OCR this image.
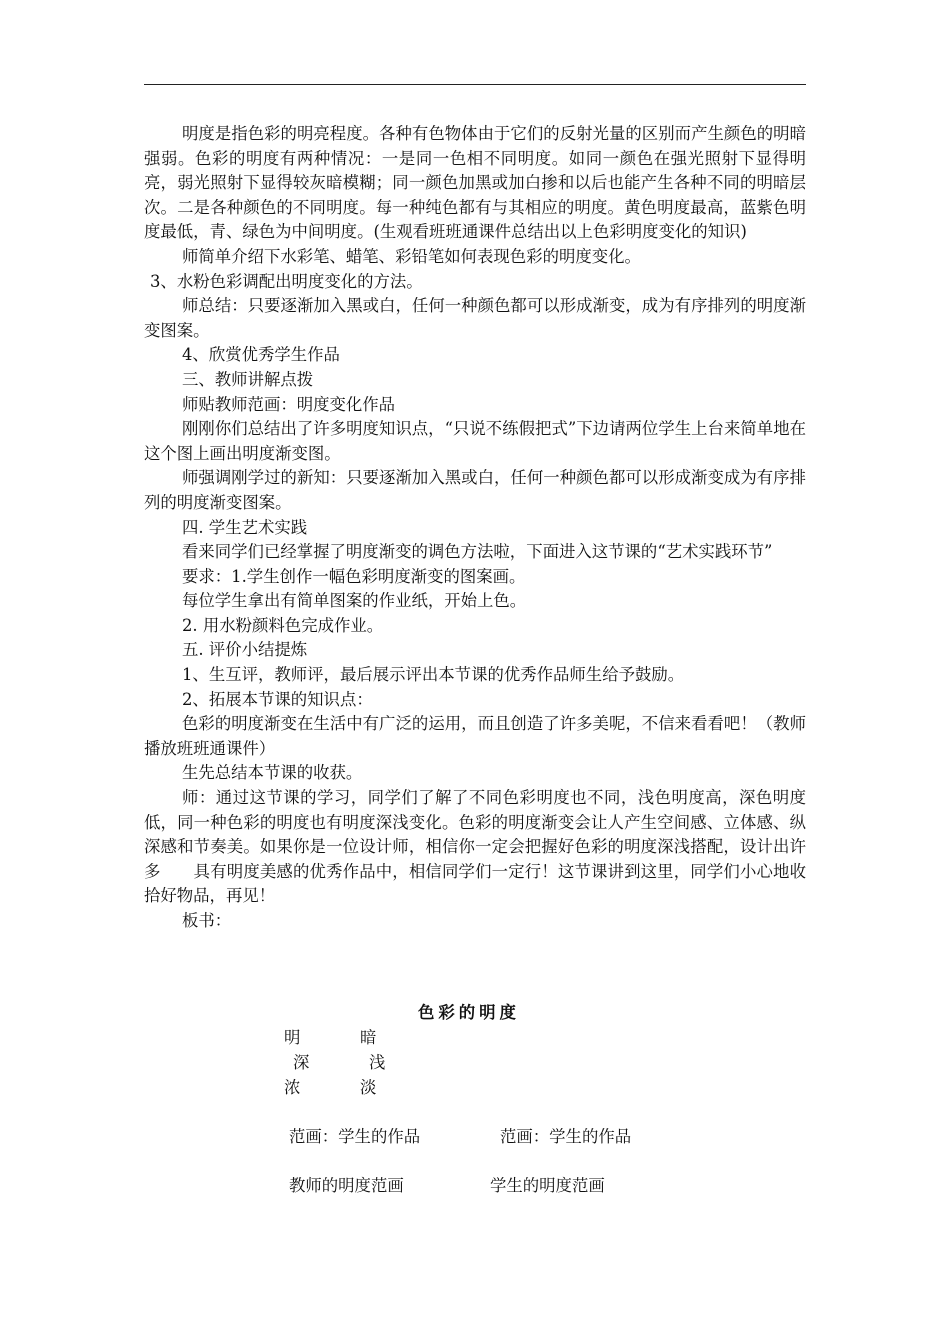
明度是指色彩的明亮程度。各种有色物体由于它们的反射光量的区别而产生颜色的明暗强弱。色彩的明度有两种情况：一是同一色相不同明度。如同一颜色在强光照射下显得明亮，弱光照射下显得较灰暗模糊；同一颜色加黑或加白掺和以后也能产生各种不同的明暗层次。二是各种颜色的不同明度。每一种纯色都有与其相应的明度。黄色明度最高，蓝紫色明度最低，青、绿色为中间明度。(生观看班班通课件总结出以上色彩明度变化的知识)

师简单介绍下水彩笔、蜡笔、彩铅笔如何表现色彩的明度变化。

3、水粉色彩调配出明度变化的方法。

师总结：只要逐渐加入黑或白，任何一种颜色都可以形成渐变，成为有序排列的明度渐变图案。

4、欣赏优秀学生作品

三、教师讲解点拨

师贴教师范画：明度变化作品

刚刚你们总结出了许多明度知识点，“只说不练假把式”下边请两位学生上台来简单地在这个图上画出明度渐变图。

师强调刚学过的新知：只要逐渐加入黑或白，任何一种颜色都可以形成渐变成为有序排列的明度渐变图案。

四. 学生艺术实践

看来同学们已经掌握了明度渐变的调色方法啦，下面进入这节课的“艺术实践环节”

要求：1.学生创作一幅色彩明度渐变的图案画。

每位学生拿出有简单图案的作业纸，开始上色。

2. 用水粉颜料色完成作业。

五. 评价小结提炼

1、生互评，教师评，最后展示评出本节课的优秀作品师生给予鼓励。

2、拓展本节课的知识点：

色彩的明度渐变在生活中有广泛的运用，而且创造了许多美呢，不信来看看吧！（教师播放班班通课件）

生先总结本节课的收获。

师：通过这节课的学习，同学们了解了不同色彩明度也不同，浅色明度高，深色明度低，同一种色彩的明度也有明度深浅变化。色彩的明度渐变会让人产生空间感、立体感、纵深感和节奏美。如果你是一位设计师，相信你一定会把握好色彩的明度深浅搭配，设计出许多　　具有明度美感的优秀作品中，相信同学们一定行！这节课讲到这里，同学们小心地收拾好物品，再见！

板书：

色彩的明度
明	暗
深	浅
浓	淡
范画：学生的作品	范画：学生的作品
教师的明度范画	学生的明度范画
